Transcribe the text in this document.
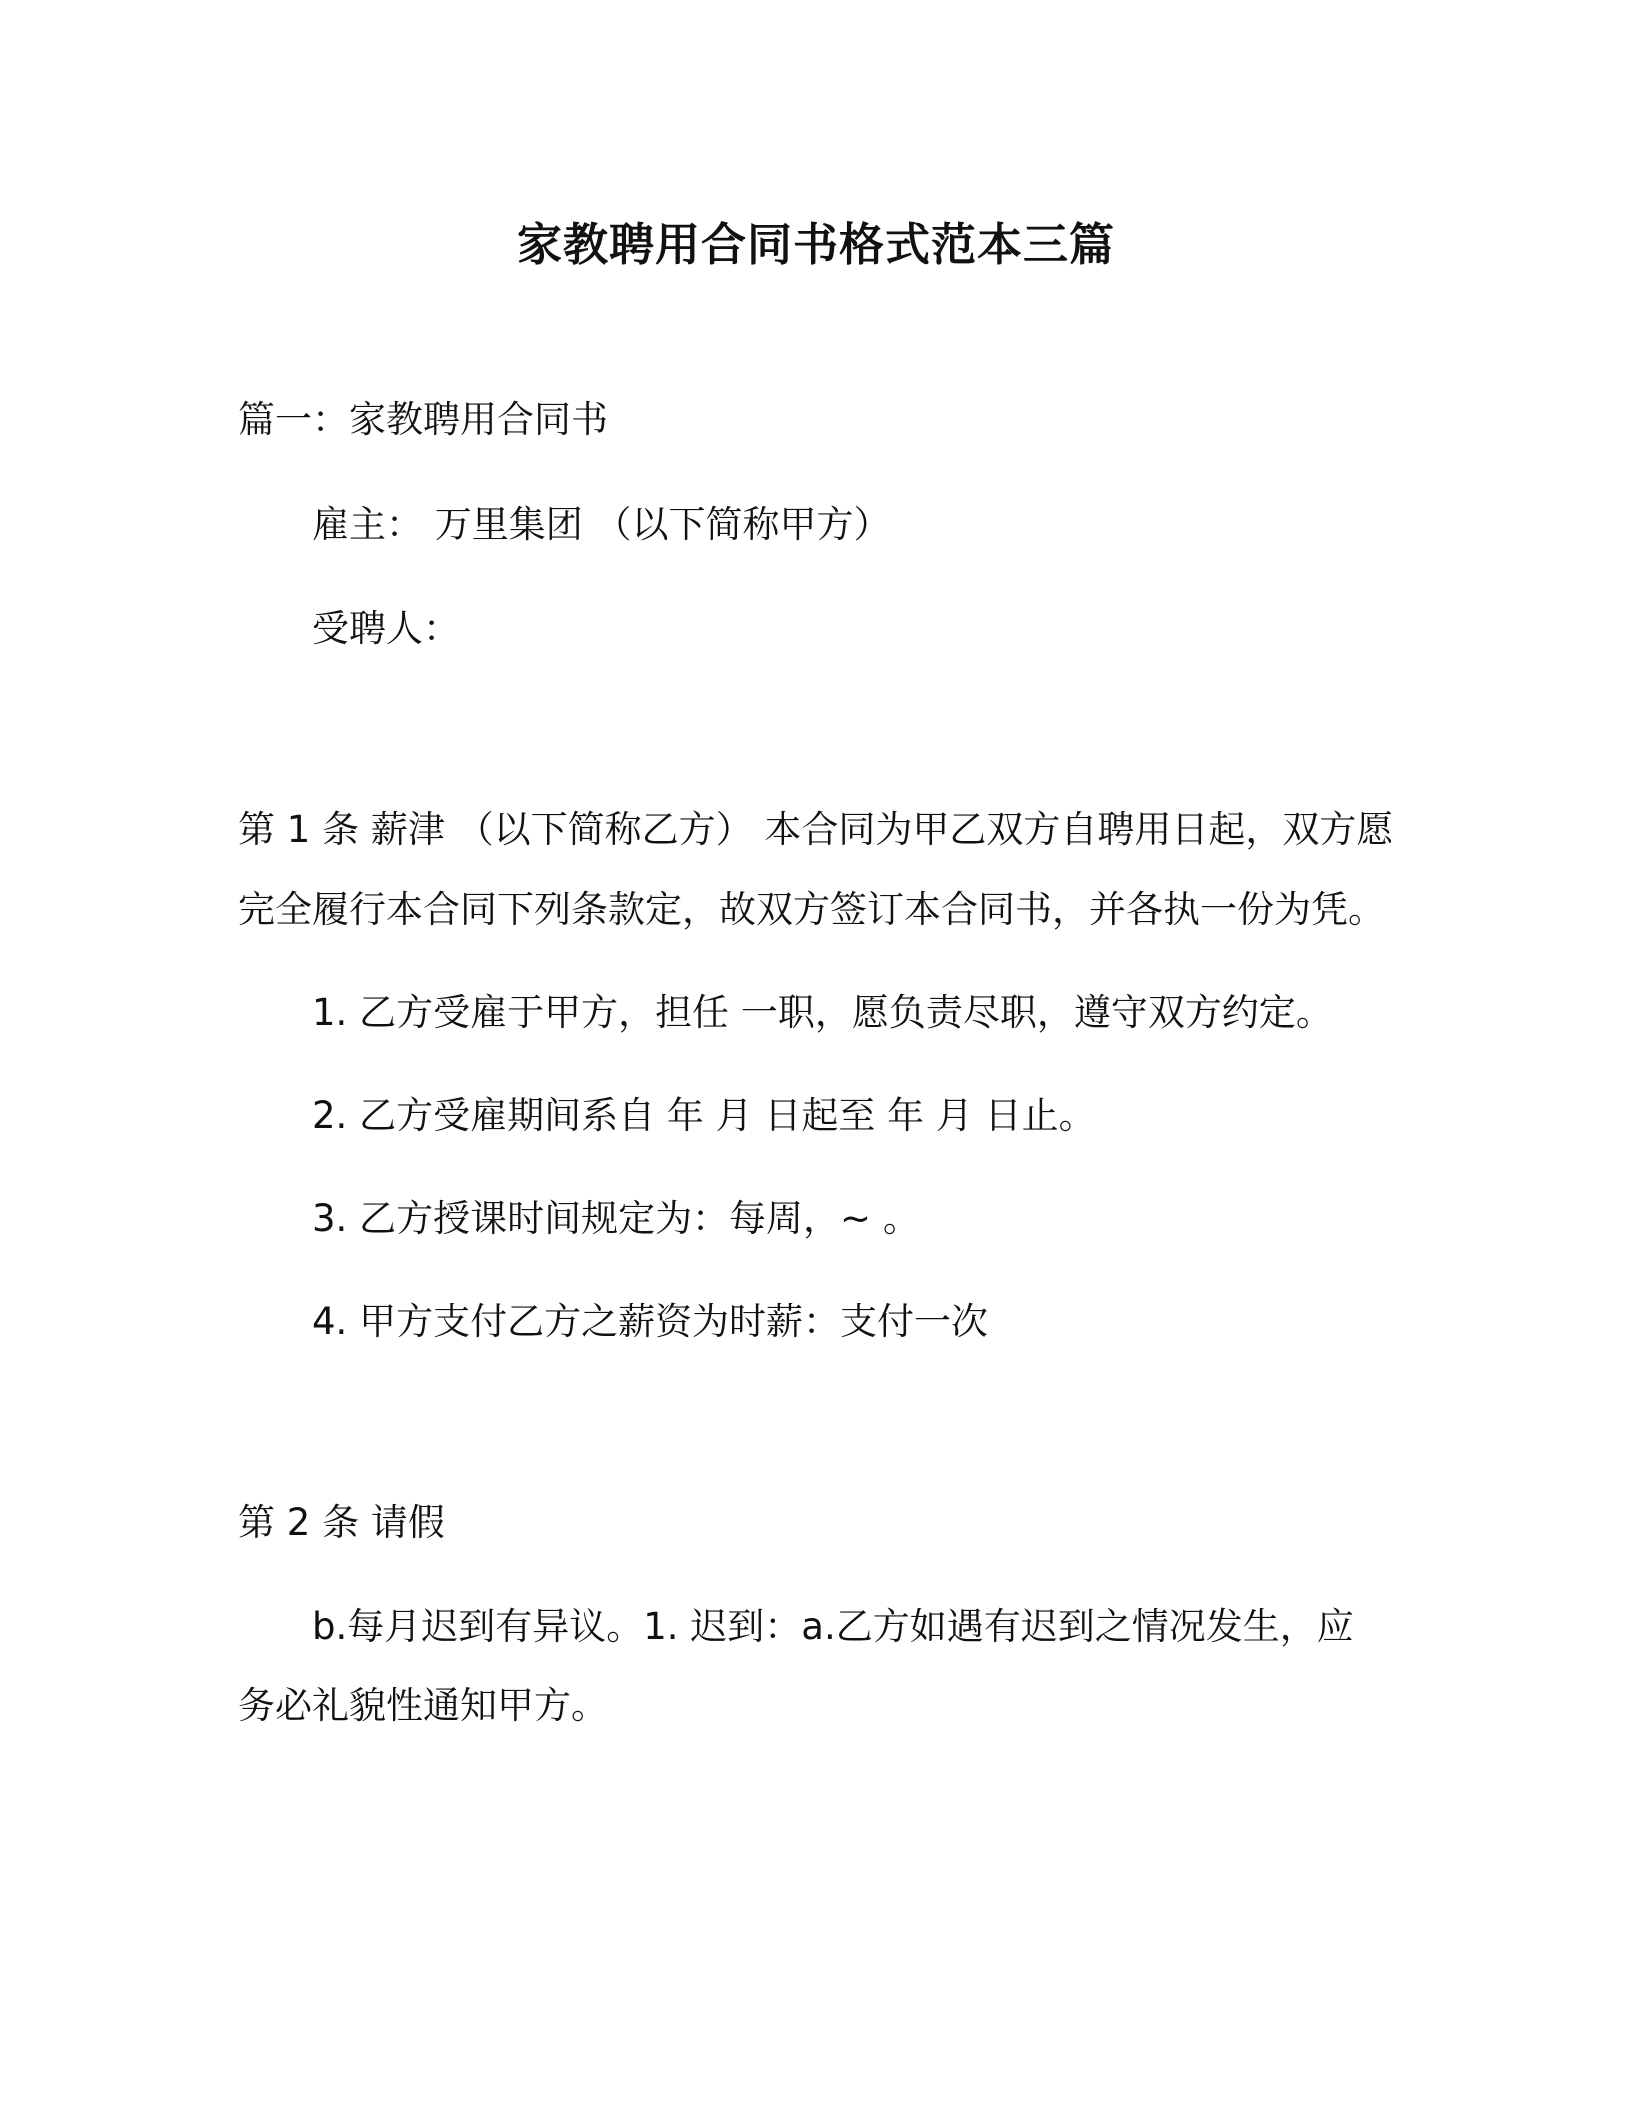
家教聘用合同书格式范本三篇
篇一：家教聘用合同书
雇主： 万里集团 （以下简称甲方）
受聘人：
第 1 条 薪津 （以下简称乙方） 本合同为甲乙双方自聘用日起，双方愿
完全履行本合同下列条款定，故双方签订本合同书，并各执一份为凭。
1. 乙方受雇于甲方，担任 一职，愿负责尽职，遵守双方约定。
2. 乙方受雇期间系自 年 月 日起至 年 月 日止。
3. 乙方授课时间规定为：每周，~ 。
4. 甲方支付乙方之薪资为时薪：支付一次
第 2 条 请假
b.每月迟到有异议。1. 迟到：a.乙方如遇有迟到之情况发生，应
务必礼貌性通知甲方。
